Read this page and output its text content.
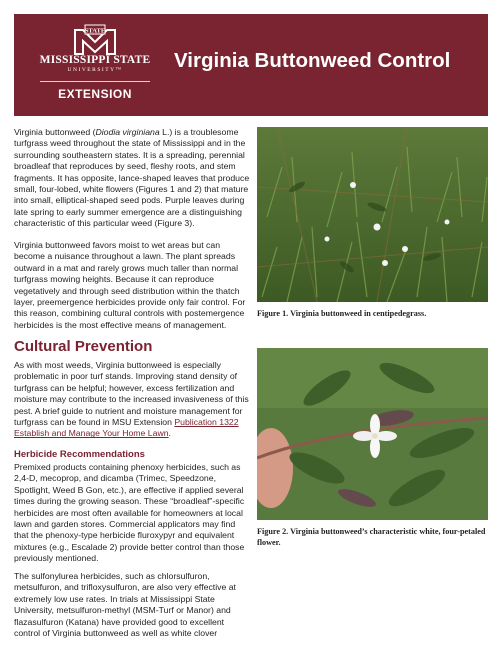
STATE
MISSISSIPPI STATE
UNIVERSITY™
EXTENSION
Virginia Buttonweed Control

Virginia buttonweed (Diodia virginiana L.) is a troublesome turfgrass weed throughout the state of Mississippi and in the surrounding southeastern states. It is a spreading, perennial broadleaf that reproduces by seed, fleshy roots, and stem fragments. It has opposite, lance-shaped leaves that produce small, four-lobed, white flowers (Figures 1 and 2) that mature into small, elliptical-shaped seed pods. Purple leaves during late spring to early summer emergence are a distinguishing characteristic of this particular weed (Figure 3).

Virginia buttonweed favors moist to wet areas but can become a nuisance throughout a lawn. The plant spreads outward in a mat and rarely grows much taller than normal turfgrass mowing heights. Because it can reproduce vegetatively and through seed distribution within the thatch layer, preemergence herbicides provide only fair control. For this reason, combining cultural controls with postemergence herbicides is the most effective means of management.

Cultural Prevention

As with most weeds, Virginia buttonweed is especially problematic in poor turf stands. Improving stand density of turfgrass can be helpful; however, excess fertilization and moisture may contribute to the increased invasiveness of this pest. A brief guide to nutrient and moisture management for turfgrass can be found in MSU Extension Publication 1322 Establish and Manage Your Home Lawn.

Herbicide Recommendations

Premixed products containing phenoxy herbicides, such as 2,4-D, mecoprop, and dicamba (Trimec, Speedzone, Spotlight, Weed B Gon, etc.), are effective if applied several times during the growing season. These “broadleaf”-specific herbicides are most often available for homeowners at local lawn and garden stores. Commercial applicators may find that the phenoxy-type herbicide fluroxypyr and equivalent mixtures (e.g., Escalade 2) provide better control than those previously mentioned.

The sulfonylurea herbicides, such as chlorsulfuron, metsulfuron, and trifloxysulfuron, are also very effective at extremely low use rates. In trials at Mississippi State University, metsulfuron-methyl (MSM-Turf or Manor) and flazasulfuron (Katana) have provided good to excellent control of Virginia buttonweed as well as white clover

Figure 1. Virginia buttonweed in centipedegrass.

Figure 2. Virginia buttonweed’s characteristic white, four-petaled flower.
